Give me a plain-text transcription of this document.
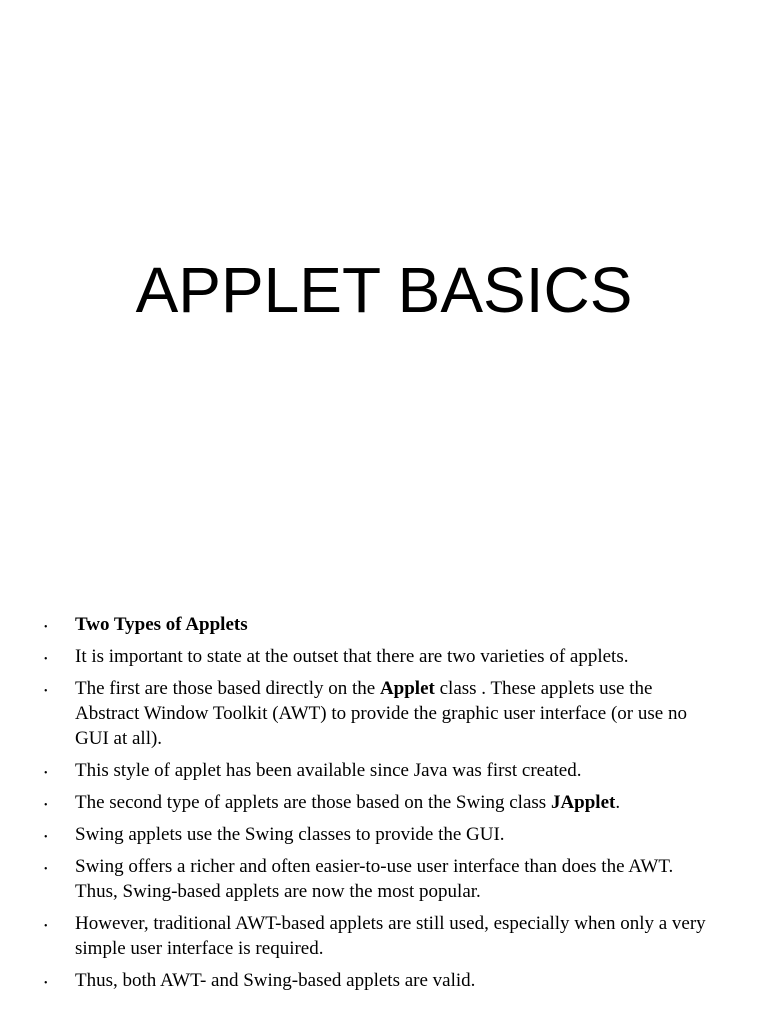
APPLET BASICS
• Two Types of Applets
• It is important to state at the outset that there are two varieties of applets.
• The first are those based directly on the Applet class . These applets use the Abstract Window Toolkit (AWT) to provide the graphic user interface (or use no GUI at all).
• This style of applet has been available since Java was first created.
• The second type of applets are those based on the Swing class JApplet.
• Swing applets use the Swing classes to provide the GUI.
• Swing offers a richer and often easier-to-use user interface than does the AWT. Thus, Swing-based applets are now the most popular.
• However, traditional AWT-based applets are still used, especially when only a very simple user interface is required.
• Thus, both AWT- and Swing-based applets are valid.
